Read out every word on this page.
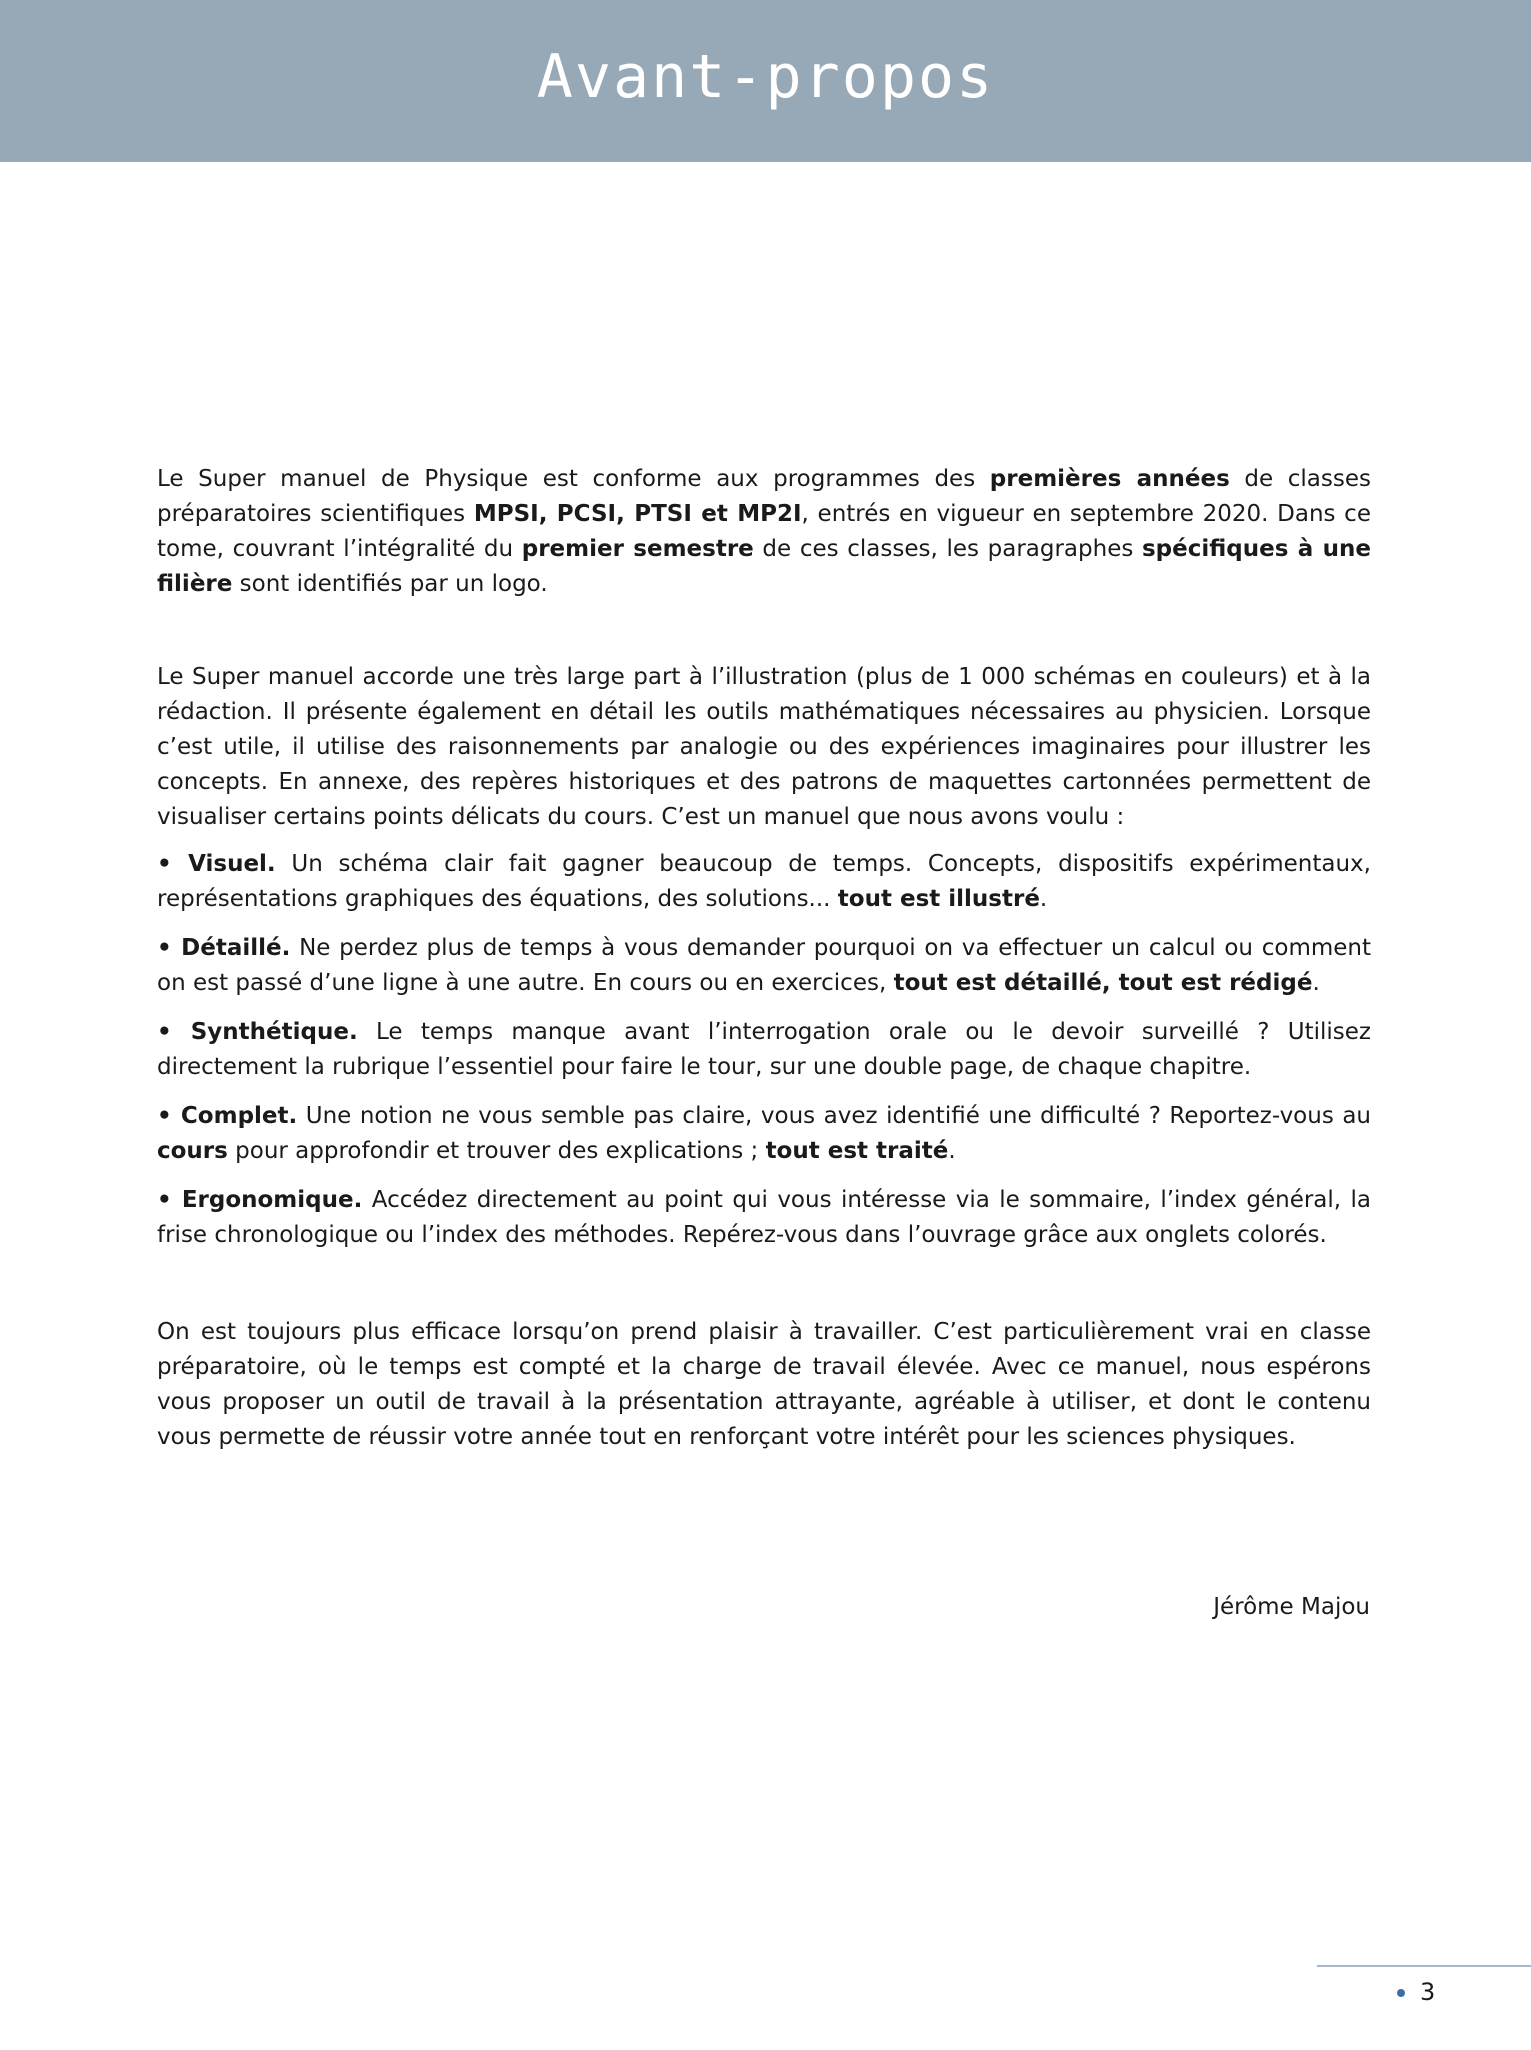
Avant-propos

Le Super manuel de Physique est conforme aux programmes des premières années de classes préparatoires scientifiques MPSI, PCSI, PTSI et MP2I, entrés en vigueur en septembre 2020. Dans ce tome, couvrant l’intégralité du premier semestre de ces classes, les paragraphes spécifiques à une filière sont identifiés par un logo.

Le Super manuel accorde une très large part à l’illustration (plus de 1 000 schémas en couleurs) et à la rédaction. Il présente également en détail les outils mathématiques nécessaires au physicien. Lorsque c’est utile, il utilise des raisonnements par analogie ou des expériences imaginaires pour illustrer les concepts. En annexe, des repères historiques et des patrons de maquettes cartonnées permettent de visualiser certains points délicats du cours. C’est un manuel que nous avons voulu :

• Visuel. Un schéma clair fait gagner beaucoup de temps. Concepts, dispositifs expérimentaux, représentations graphiques des équations, des solutions... tout est illustré.

• Détaillé. Ne perdez plus de temps à vous demander pourquoi on va effectuer un calcul ou comment on est passé d’une ligne à une autre. En cours ou en exercices, tout est détaillé, tout est rédigé.

• Synthétique. Le temps manque avant l’interrogation orale ou le devoir surveillé ? Utilisez directement la rubrique l’essentiel pour faire le tour, sur une double page, de chaque chapitre.

• Complet. Une notion ne vous semble pas claire, vous avez identifié une difficulté ? Reportez-vous au cours pour approfondir et trouver des explications ; tout est traité.

• Ergonomique. Accédez directement au point qui vous intéresse via le sommaire, l’index général, la frise chronologique ou l’index des méthodes. Repérez-vous dans l’ouvrage grâce aux onglets colorés.

On est toujours plus efficace lorsqu’on prend plaisir à travailler. C’est particulièrement vrai en classe préparatoire, où le temps est compté et la charge de travail élevée. Avec ce manuel, nous espérons vous proposer un outil de travail à la présentation attrayante, agréable à utiliser, et dont le contenu vous permette de réussir votre année tout en renforçant votre intérêt pour les sciences physiques.

Jérôme Majou
3
